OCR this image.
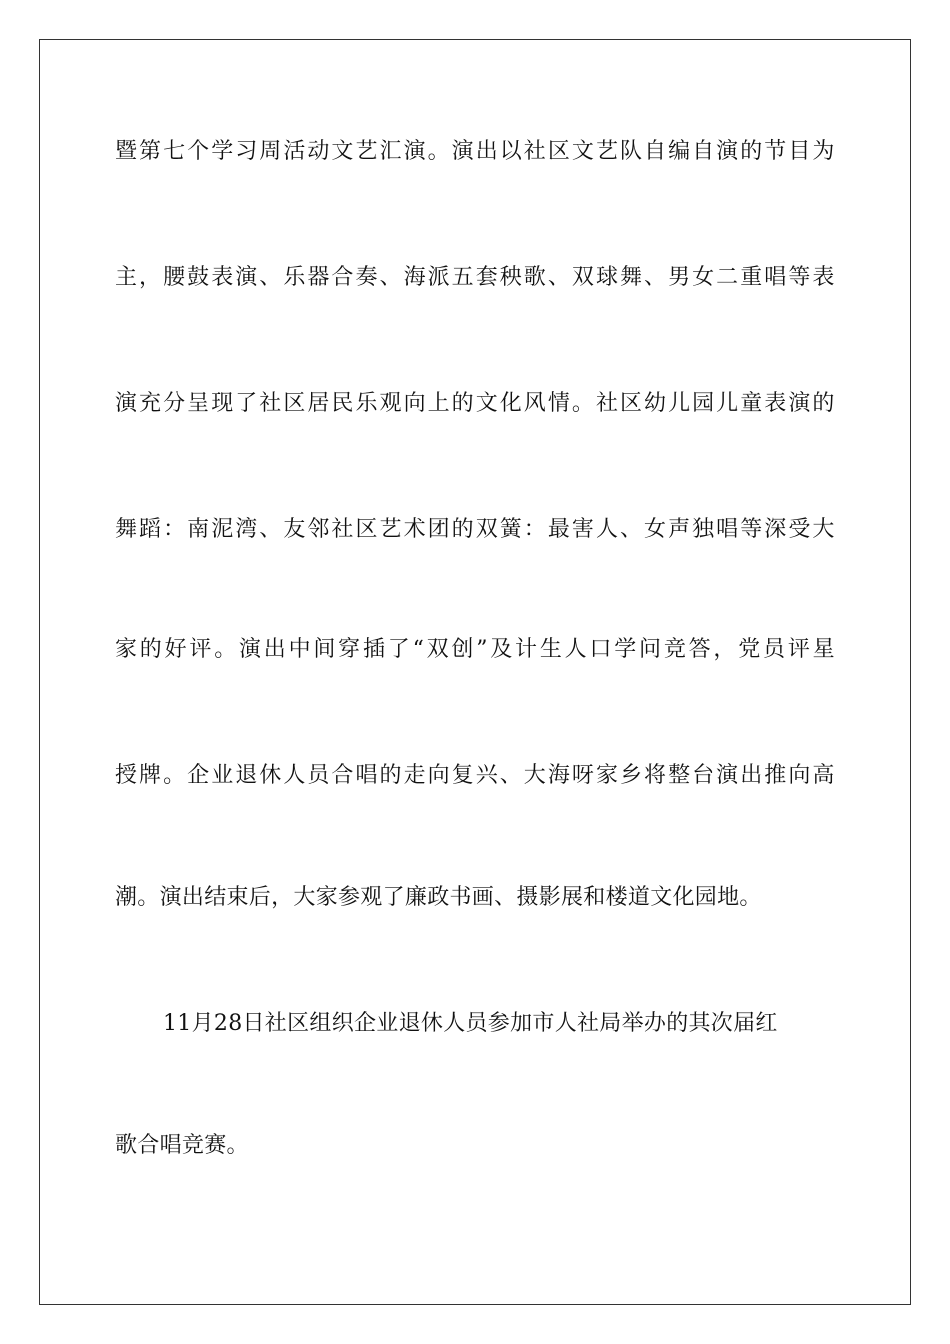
暨 第 七 个 学 习 周 活 动 文 艺 汇 演 。 演 出 以 社 区 文 艺 队 自 编 自 演 的 节 目 为
主 ， 腰 鼓 表 演 、 乐 器 合 奏 、 海 派 五 套 秧 歌 、 双 球 舞 、 男 女 二 重 唱 等 表
演 充 分 呈 现 了 社 区 居 民 乐 观 向 上 的 文 化 风 情 。 社 区 幼 儿 园 儿 童 表 演 的
舞 蹈 ： 南 泥 湾 、 友 邻 社 区 艺 术 团 的 双 簧 ： 最 害 人 、 女 声 独 唱 等 深 受 大
家 的 好 评 。 演 出 中 间 穿 插 了 “ 双 创 ” 及 计 生 人 口 学 问 竞 答 ， 党 员 评 星
授 牌 。 企 业 退 休 人 员 合 唱 的 走 向 复 兴 、 大 海 呀 家 乡 将 整 台 演 出 推 向 高
潮。演出结束后，大家参观了廉政书画、摄影展和楼道文化园地。
11月28日社区组织企业退休人员参加市人社局举办的其次届红
歌合唱竞赛。
